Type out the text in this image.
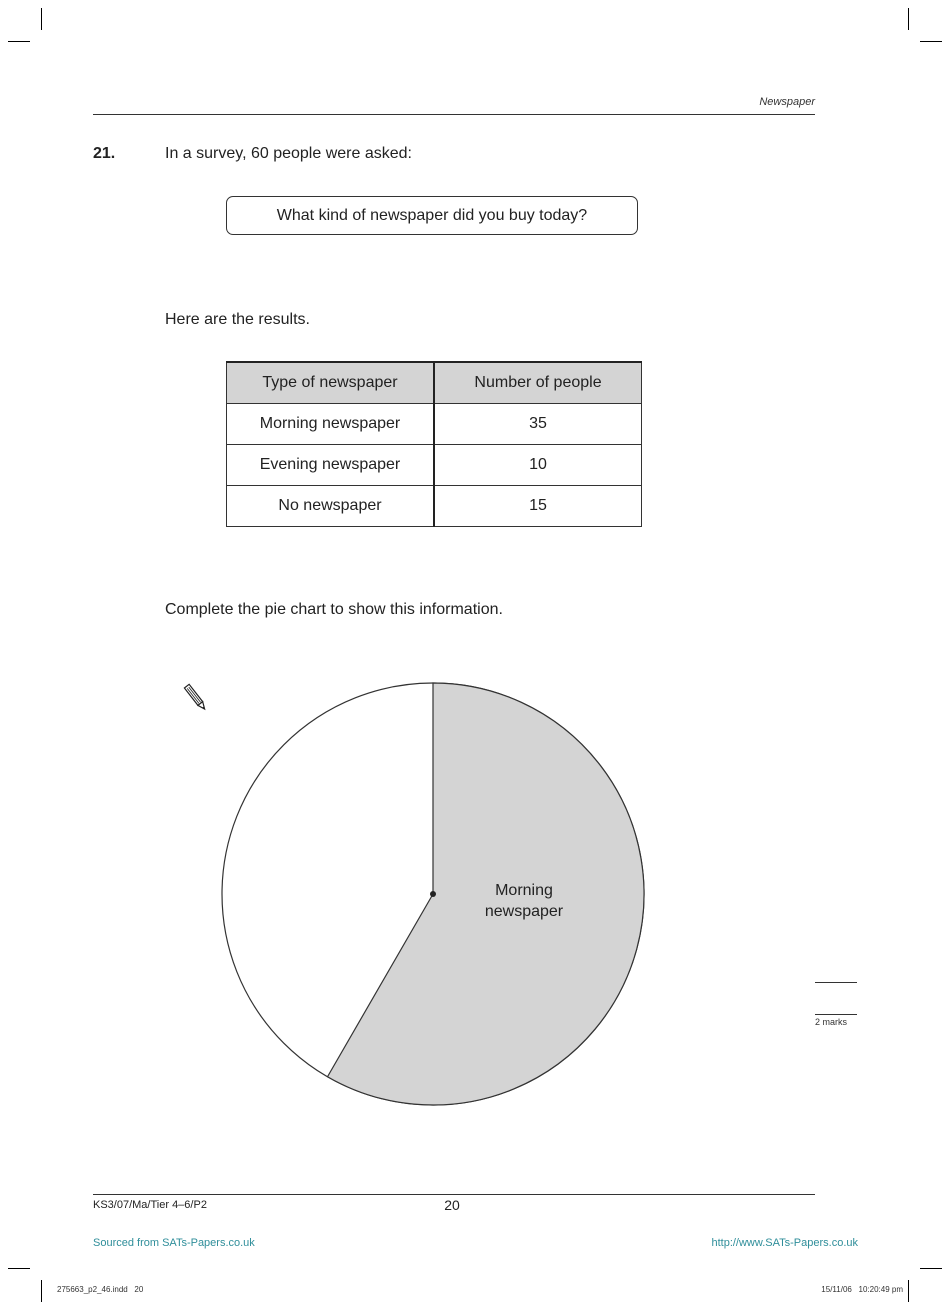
Newspaper
21.	In a survey, 60 people were asked:
What kind of newspaper did you buy today?
Here are the results.
Type of newspaper	Number of people
Morning newspaper	35
Evening newspaper	10
No newspaper	15
Complete the pie chart to show this information.
Morning
newspaper
2 marks
KS3/07/Ma/Tier 4–6/P2	20
Sourced from SATs-Papers.co.uk	http://www.SATs-Papers.co.uk
275663_p2_46.indd   20	15/11/06   10:20:49 pm
